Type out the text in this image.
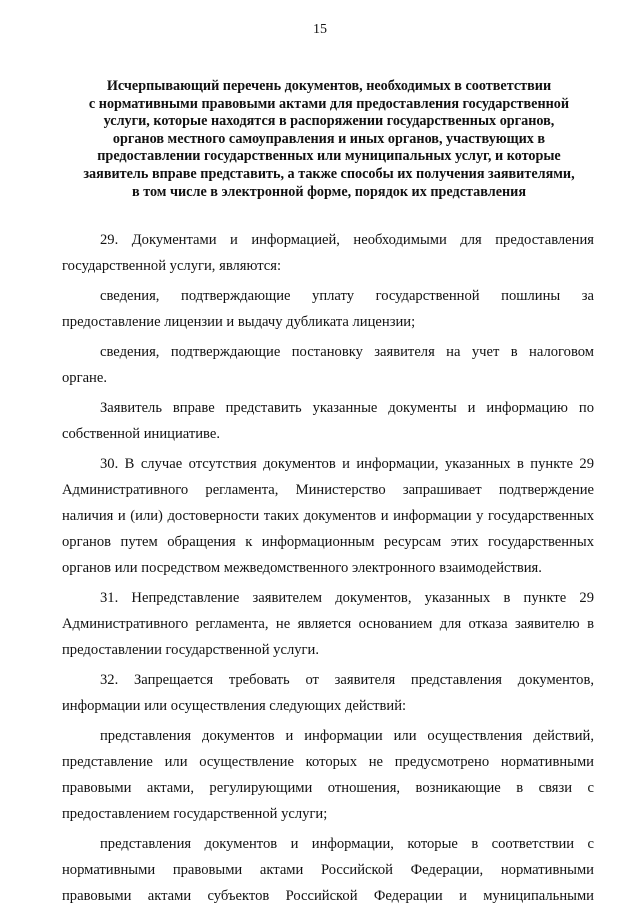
15
Исчерпывающий перечень документов, необходимых в соответствии
с нормативными правовыми актами для предоставления государственной
услуги, которые находятся в распоряжении государственных органов,
органов местного самоуправления и иных органов, участвующих в
предоставлении государственных или муниципальных услуг, и которые
заявитель вправе представить, а также способы их получения заявителями,
в том числе в электронной форме, порядок их представления
29. Документами и информацией, необходимыми для предоставления
государственной услуги, являются:
сведения, подтверждающие уплату государственной пошлины за
предоставление лицензии и выдачу дубликата лицензии;
сведения, подтверждающие постановку заявителя на учет в налоговом
органе.
Заявитель вправе представить указанные документы и информацию по
собственной инициативе.
30. В случае отсутствия документов и информации, указанных в пункте 29
Административного регламента, Министерство запрашивает подтверждение
наличия и (или) достоверности таких документов и информации у государственных
органов путем обращения к информационным ресурсам этих государственных
органов или посредством межведомственного электронного взаимодействия.
31. Непредставление заявителем документов, указанных в пункте 29
Административного регламента, не является основанием для отказа заявителю в
предоставлении государственной услуги.
32. Запрещается требовать от заявителя представления документов,
информации или осуществления следующих действий:
представления документов и информации или осуществления действий,
представление или осуществление которых не предусмотрено нормативными
правовыми актами, регулирующими отношения, возникающие в связи с
предоставлением государственной услуги;
представления документов и информации, которые в соответствии с
нормативными правовыми актами Российской Федерации, нормативными
правовыми актами субъектов Российской Федерации и муниципальными
